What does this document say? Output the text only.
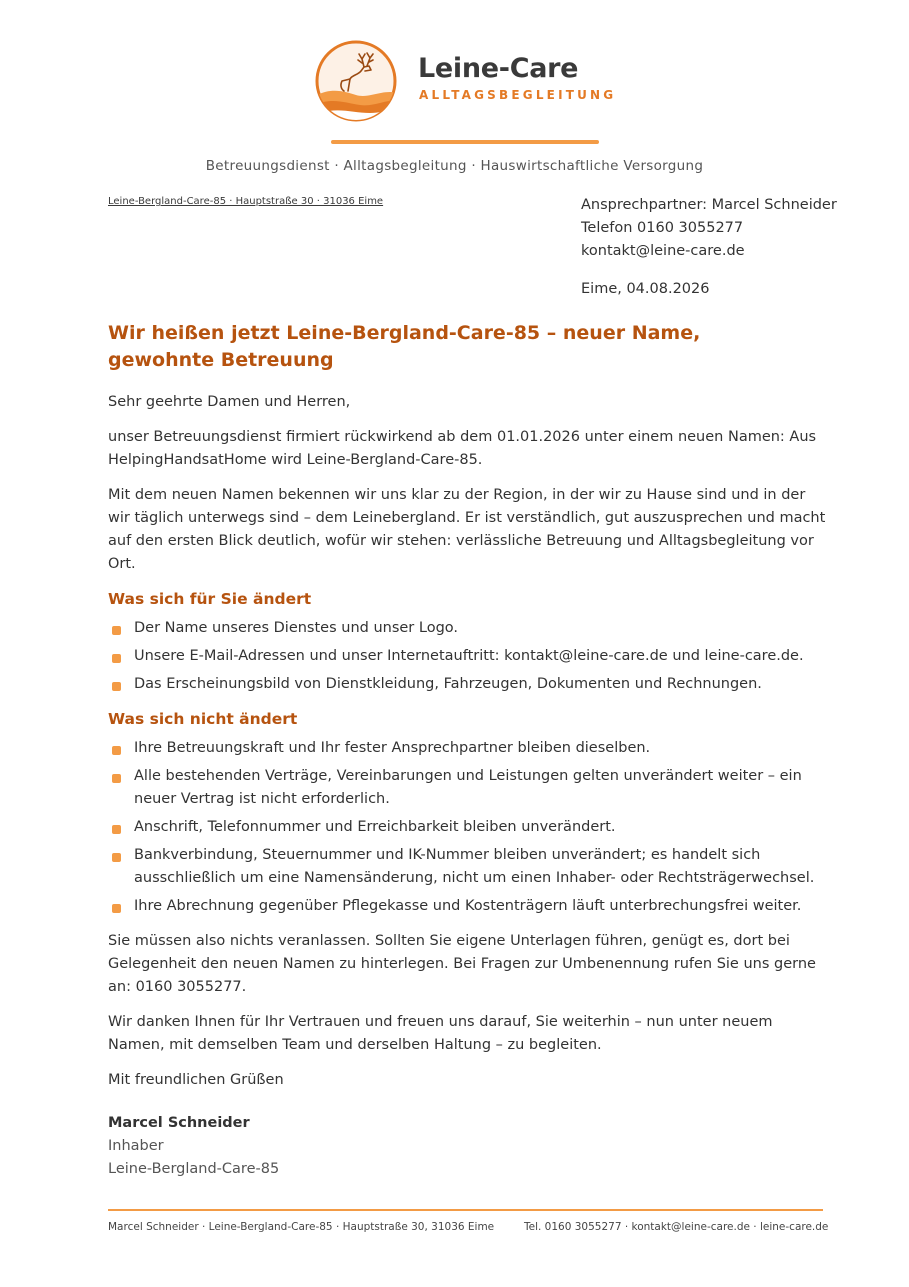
Leine-Care
ALLTAGSBEGLEITUNG
Betreuungsdienst · Alltagsbegleitung · Hauswirtschaftliche Versorgung
Leine-Bergland-Care-85 · Hauptstraße 30 · 31036 Eime	Ansprechpartner: Marcel Schneider
Telefon 0160 3055277
kontakt@leine-care.de
Eime, 04.08.2026
Wir heißen jetzt Leine-Bergland-Care-85 – neuer Name, gewohnte Betreuung

Sehr geehrte Damen und Herren,

unser Betreuungsdienst firmiert rückwirkend ab dem 01.01.2026 unter einem neuen Namen: Aus HelpingHandsatHome wird Leine-Bergland-Care-85.

Mit dem neuen Namen bekennen wir uns klar zu der Region, in der wir zu Hause sind und in der wir täglich unterwegs sind – dem Leinebergland. Er ist verständlich, gut auszusprechen und macht auf den ersten Blick deutlich, wofür wir stehen: verlässliche Betreuung und Alltagsbegleitung vor Ort.

Was sich für Sie ändert
Der Name unseres Dienstes und unser Logo.
Unsere E-Mail-Adressen und unser Internetauftritt: kontakt@leine-care.de und leine-care.de.
Das Erscheinungsbild von Dienstkleidung, Fahrzeugen, Dokumenten und Rechnungen.
Was sich nicht ändert
Ihre Betreuungskraft und Ihr fester Ansprechpartner bleiben dieselben.
Alle bestehenden Verträge, Vereinbarungen und Leistungen gelten unverändert weiter – ein neuer Vertrag ist nicht erforderlich.
Anschrift, Telefonnummer und Erreichbarkeit bleiben unverändert.
Bankverbindung, Steuernummer und IK-Nummer bleiben unverändert; es handelt sich ausschließlich um eine Namensänderung, nicht um einen Inhaber- oder Rechtsträgerwechsel.
Ihre Abrechnung gegenüber Pflegekasse und Kostenträgern läuft unterbrechungsfrei weiter.

Sie müssen also nichts veranlassen. Sollten Sie eigene Unterlagen führen, genügt es, dort bei Gelegenheit den neuen Namen zu hinterlegen. Bei Fragen zur Umbenennung rufen Sie uns gerne an: 0160 3055277.

Wir danken Ihnen für Ihr Vertrauen und freuen uns darauf, Sie weiterhin – nun unter neuem Namen, mit demselben Team und derselben Haltung – zu begleiten.

Mit freundlichen Grüßen

Marcel Schneider
Inhaber
Leine-Bergland-Care-85
Marcel Schneider · Leine-Bergland-Care-85 · Hauptstraße 30, 31036 Eime	Tel. 0160 3055277 · kontakt@leine-care.de · leine-care.de
